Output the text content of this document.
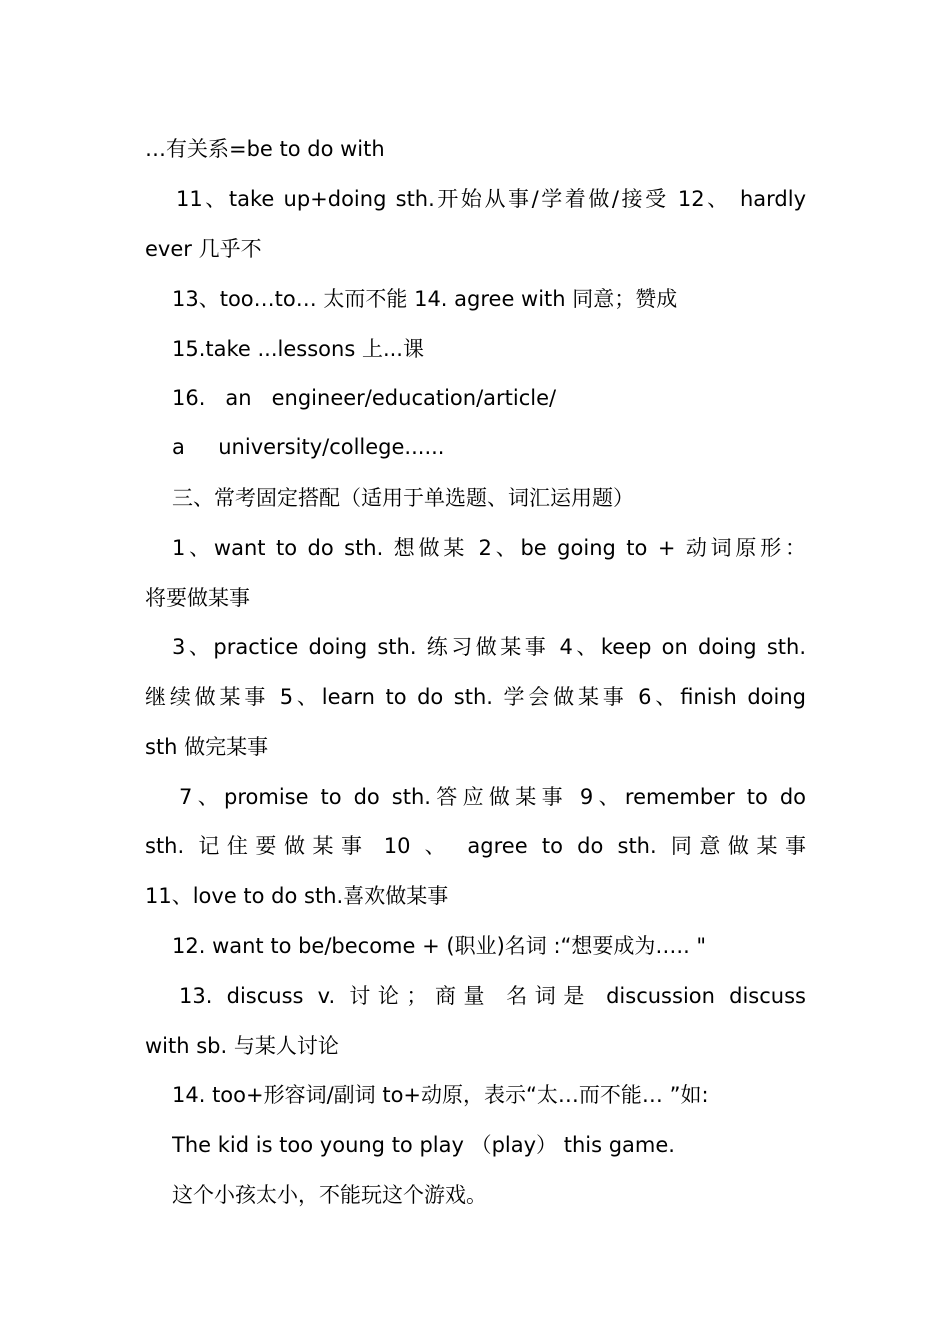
…有关系=be to do with
11、take up+doing sth.开始从事/学着做/接受 12、 hardly
ever 几乎不
13、too…to… 太而不能 14. agree with 同意；赞成
15.take ...lessons 上...课
16.   an   engineer/education/article/
a     university/college......
三、常考固定搭配（适用于单选题、词汇运用题）
1、want to do sth. 想做某 2、be going to + 动词原形：
将要做某事
3、practice doing sth. 练习做某事 4、keep on doing sth.
继续做某事 5、learn to do sth. 学会做某事 6、finish doing
sth 做完某事
7、promise to do sth.答应做某事 9、remember to do
sth. 记住要做某事 10 、 agree to do sth. 同意做某事
11、love to do sth.喜欢做某事
12. want to be/become + (职业)名词 :“想要成为….. "
13. discuss v. 讨论；商量 名词是 discussion discuss
with sb. 与某人讨论
14. too+形容词/副词 to+动原，表示“太…而不能… ”如:
The kid is too young to play （play） this game.
这个小孩太小，不能玩这个游戏。
